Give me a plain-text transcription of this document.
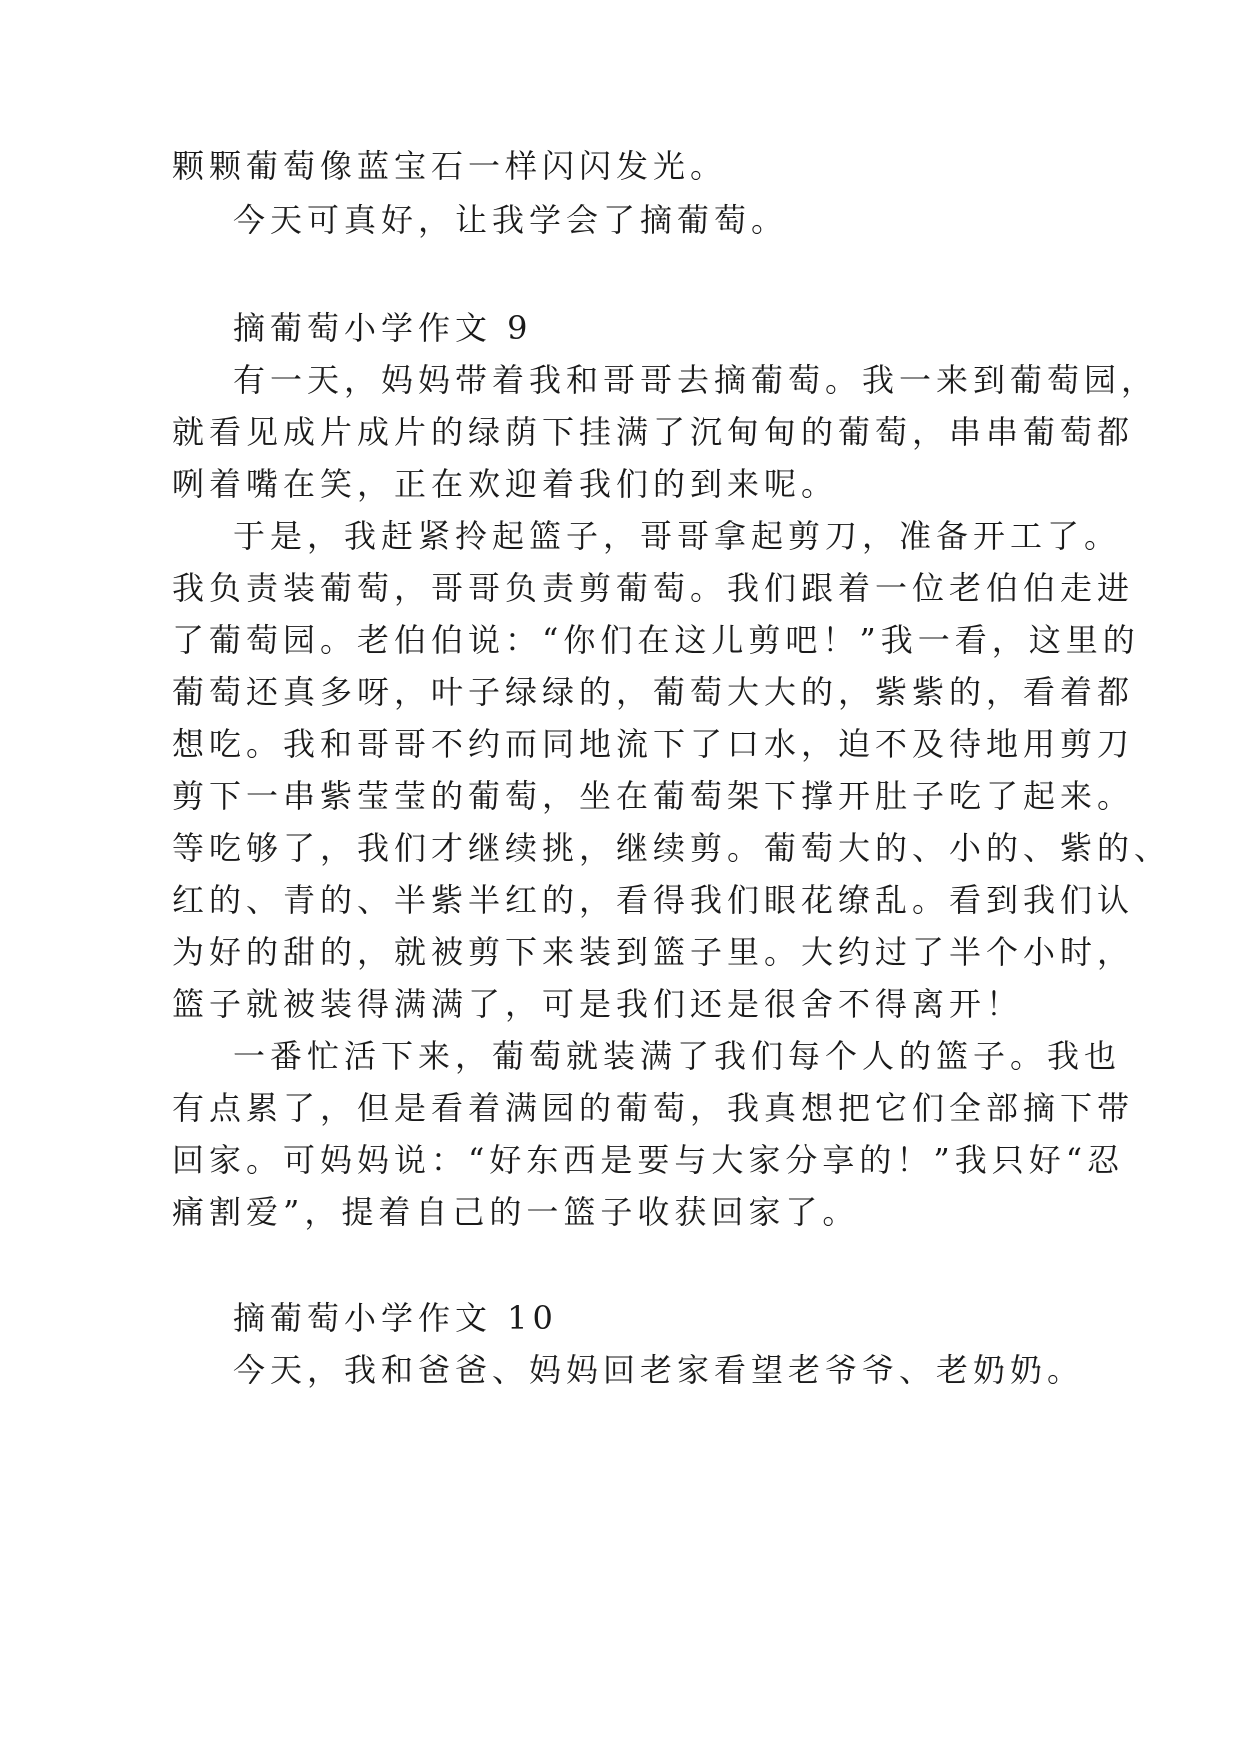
颗颗葡萄像蓝宝石一样闪闪发光。
今天可真好，让我学会了摘葡萄。
摘葡萄小学作文 9
有一天，妈妈带着我和哥哥去摘葡萄。我一来到葡萄园，
就看见成片成片的绿荫下挂满了沉甸甸的葡萄，串串葡萄都
咧着嘴在笑，正在欢迎着我们的到来呢。
于是，我赶紧拎起篮子，哥哥拿起剪刀，准备开工了。
我负责装葡萄，哥哥负责剪葡萄。我们跟着一位老伯伯走进
了葡萄园。老伯伯说：“你们在这儿剪吧！”我一看，这里的
葡萄还真多呀，叶子绿绿的，葡萄大大的，紫紫的，看着都
想吃。我和哥哥不约而同地流下了口水，迫不及待地用剪刀
剪下一串紫莹莹的葡萄，坐在葡萄架下撑开肚子吃了起来。
等吃够了，我们才继续挑，继续剪。葡萄大的、小的、紫的、
红的、青的、半紫半红的，看得我们眼花缭乱。看到我们认
为好的甜的，就被剪下来装到篮子里。大约过了半个小时，
篮子就被装得满满了，可是我们还是很舍不得离开！
一番忙活下来，葡萄就装满了我们每个人的篮子。我也
有点累了，但是看着满园的葡萄，我真想把它们全部摘下带
回家。可妈妈说：“好东西是要与大家分享的！”我只好“忍
痛割爱”，提着自己的一篮子收获回家了。
摘葡萄小学作文 10
今天，我和爸爸、妈妈回老家看望老爷爷、老奶奶。
